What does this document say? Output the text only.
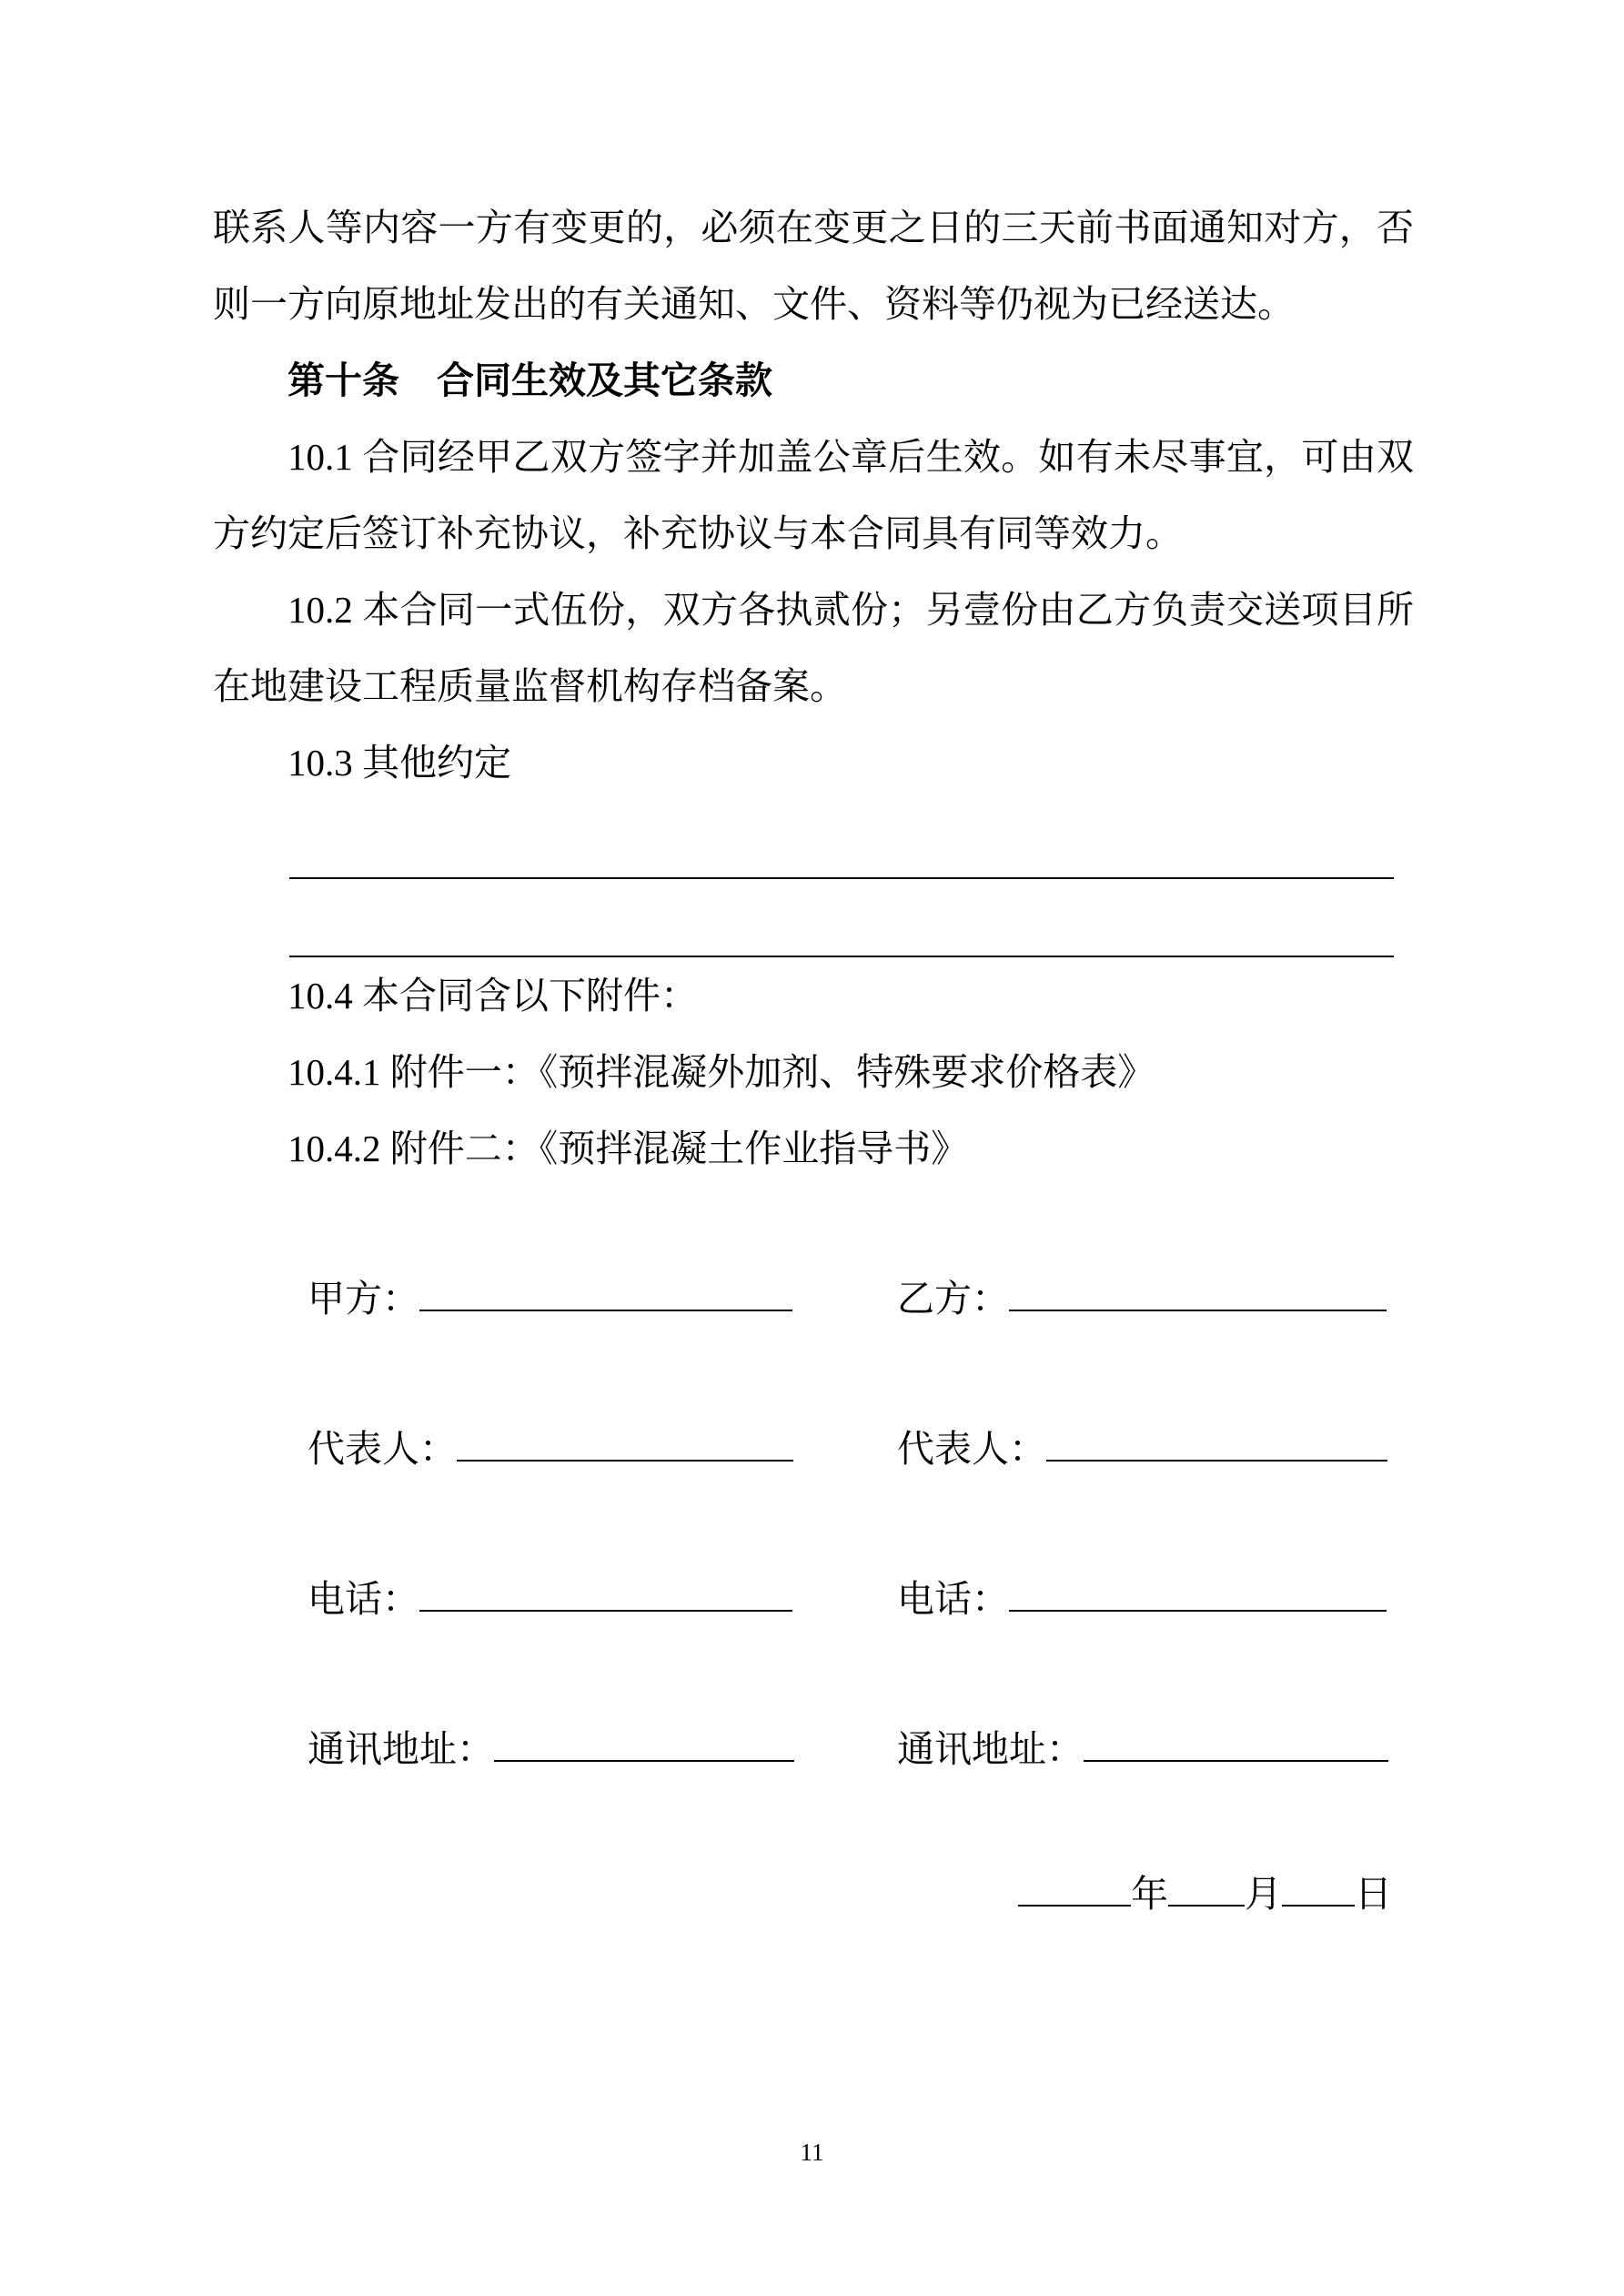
联系人等内容一方有变更的，必须在变更之日的三天前书面通知对方，否则一方向原地址发出的有关通知、文件、资料等仍视为已经送达。

第十条　合同生效及其它条款

10.1 合同经甲乙双方签字并加盖公章后生效。如有未尽事宜，可由双方约定后签订补充协议，补充协议与本合同具有同等效力。

10.2 本合同一式伍份，双方各执贰份；另壹份由乙方负责交送项目所在地建设工程质量监督机构存档备案。

10.3 其他约定

10.4 本合同含以下附件：

10.4.1 附件一：《预拌混凝外加剂、特殊要求价格表》

10.4.2 附件二：《预拌混凝土作业指导书》

甲方：	乙方：

代表人：	代表人：

电话：	电话：

通讯地址：	通讯地址：

年 月 日

11
